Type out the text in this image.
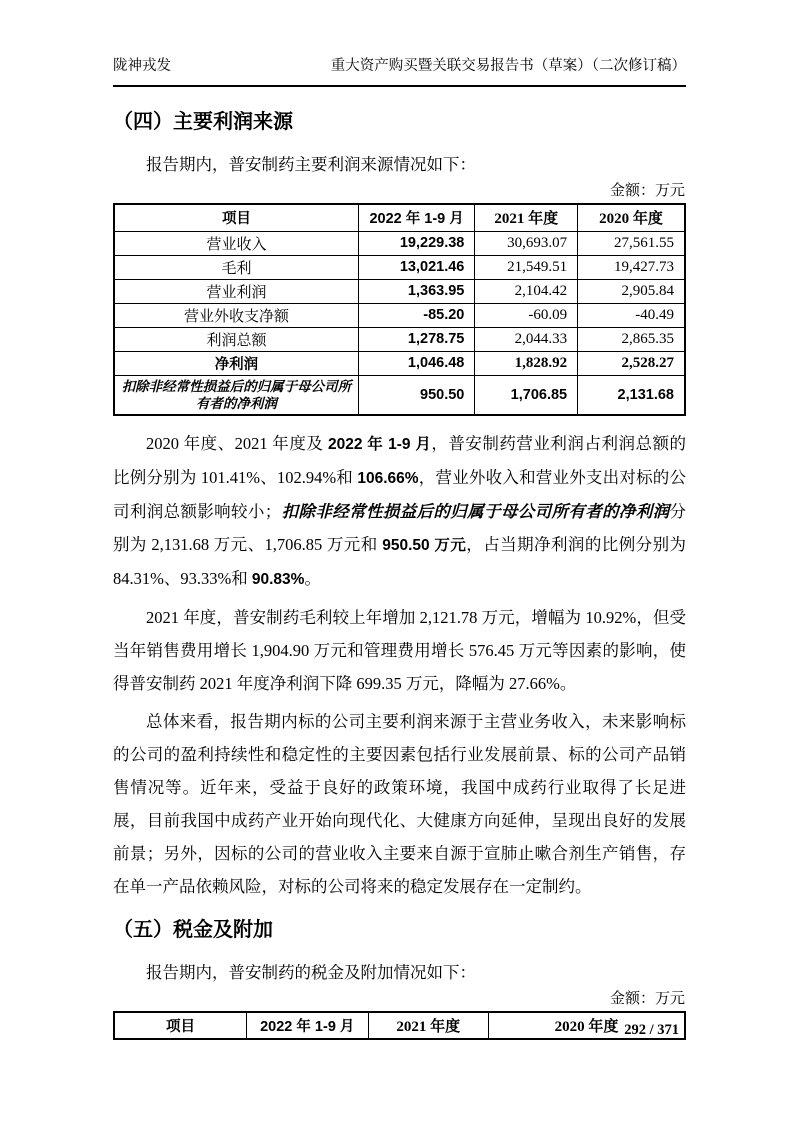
陇神戎发	重大资产购买暨关联交易报告书（草案）（二次修订稿）
（四）主要利润来源

报告期内，普安制药主要利润来源情况如下：

金额：万元
项目	2022 年 1-9 月	2021 年度	2020 年度
营业收入	19,229.38	30,693.07	27,561.55
毛利	13,021.46	21,549.51	19,427.73
营业利润	1,363.95	2,104.42	2,905.84
营业外收支净额	-85.20	-60.09	-40.49
利润总额	1,278.75	2,044.33	2,865.35
净利润	1,046.48	1,828.92	2,528.27
扣除非经常性损益后的归属于母公司所有者的净利润	950.50	1,706.85	2,131.68

2020 年度、2021 年度及 2022 年 1-9 月，普安制药营业利润占利润总额的比例分别为 101.41%、102.94%和 106.66%，营业外收入和营业外支出对标的公司利润总额影响较小；扣除非经常性损益后的归属于母公司所有者的净利润分别为 2,131.68 万元、1,706.85 万元和 950.50 万元，占当期净利润的比例分别为 84.31%、93.33%和 90.83%。

2021 年度，普安制药毛利较上年增加 2,121.78 万元，增幅为 10.92%，但受当年销售费用增长 1,904.90 万元和管理费用增长 576.45 万元等因素的影响，使得普安制药 2021 年度净利润下降 699.35 万元，降幅为 27.66%。

总体来看，报告期内标的公司主要利润来源于主营业务收入，未来影响标的公司的盈利持续性和稳定性的主要因素包括行业发展前景、标的公司产品销售情况等。近年来，受益于良好的政策环境，我国中成药行业取得了长足进展，目前我国中成药产业开始向现代化、大健康方向延伸，呈现出良好的发展前景；另外，因标的公司的营业收入主要来自源于宣肺止嗽合剂生产销售，存在单一产品依赖风险，对标的公司将来的稳定发展存在一定制约。

（五）税金及附加

报告期内，普安制药的税金及附加情况如下：

金额：万元
项目	2022 年 1-9 月	2021 年度	2020 年度 292 / 371
